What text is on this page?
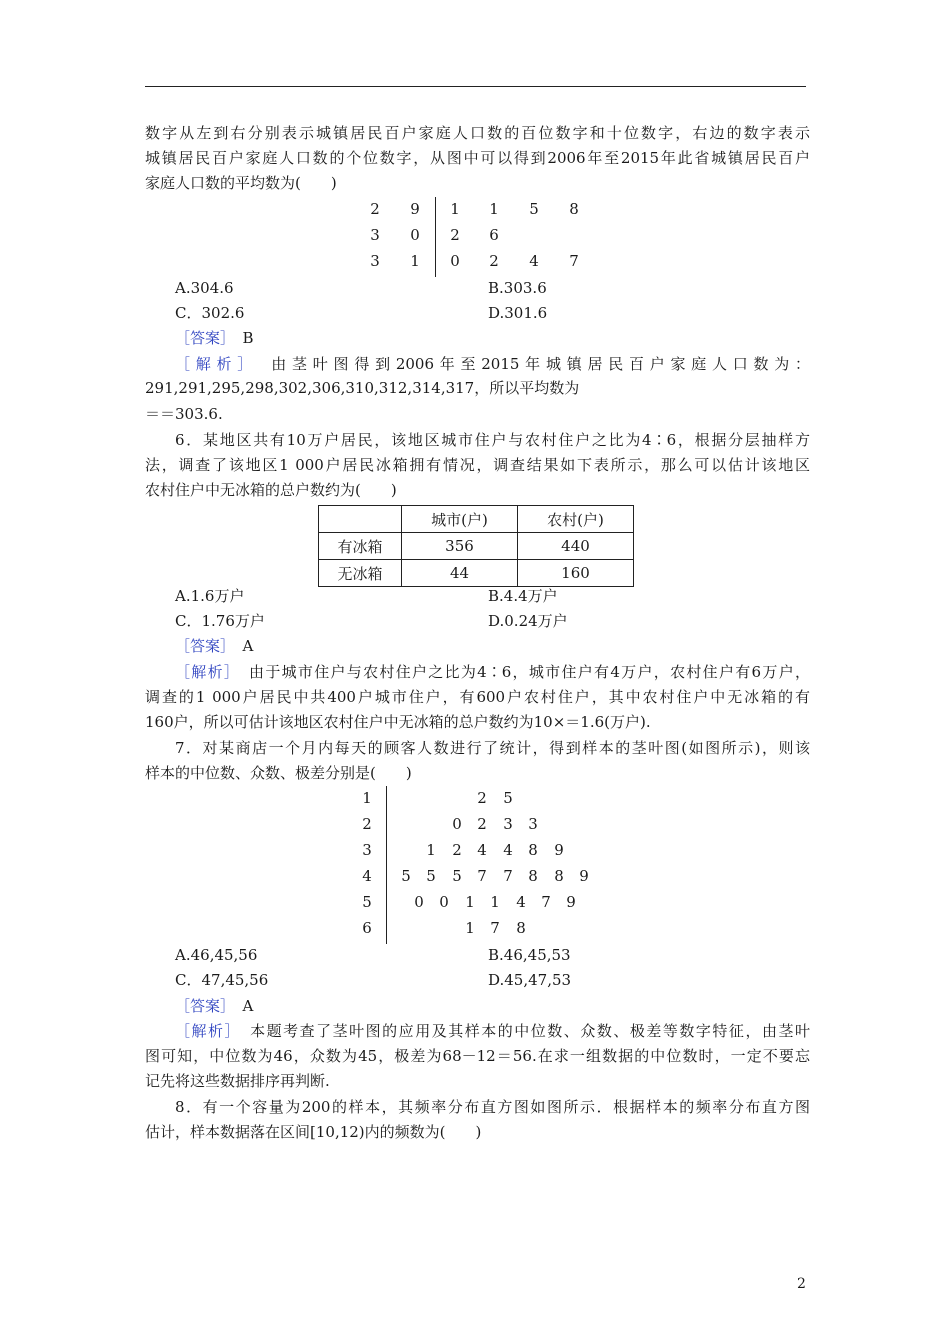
数字从左到右分别表示城镇居民百户家庭人口数的百位数字和十位数字，右边的数字表示
城镇居民百户家庭人口数的个位数字，从图中可以得到2006年至2015年此省城镇居民百户
家庭人口数的平均数为(　　)
2	9	1	1	5	8
3	0	2	6
3	1	0	2	4	7
A.304.6	B.303.6
C．302.6	D.301.6
［答案］　 B
［解析］　 由茎叶图得到2006年至2015年城镇居民百户家庭人口数为：
291,291,295,298,302,306,310,312,314,317，所以平均数为
＝＝303.6.
6．某地区共有10万户居民，该地区城市住户与农村住户之比为4∶6，根据分层抽样方
法，调查了该地区1 000户居民冰箱拥有情况，调查结果如下表所示，那么可以估计该地区
农村住户中无冰箱的总户数约为(　　)
	城市(户)	农村(户)
有冰箱	356	440
无冰箱	44	160
A.1.6万户	B.4.4万户
C．1.76万户	D.0.24万户
［答案］　 A
［解析］　 由于城市住户与农村住户之比为4∶6，城市住户有4万户，农村住户有6万户，
调查的1 000户居民中共400户城市住户，有600户农村住户，其中农村住户中无冰箱的有
160户，所以可估计该地区农村住户中无冰箱的总户数约为10×＝1.6(万户).
7．对某商店一个月内每天的顾客人数进行了统计，得到样本的茎叶图(如图所示)，则该
样本的中位数、众数、极差分别是(　　)
1	2	5
2	0	2	3	3
3	1	2	4	4	8	9
4	5	5	5	7	7	8	8	9
5	0	0	1	1	4	7	9
6	1	7	8
A.46,45,56	B.46,45,53
C．47,45,56	D.45,47,53
［答案］　 A
［解析］　 本题考查了茎叶图的应用及其样本的中位数、众数、极差等数字特征，由茎叶
图可知，中位数为46，众数为45，极差为68－12＝56.在求一组数据的中位数时，一定不要忘
记先将这些数据排序再判断.
8．有一个容量为200的样本，其频率分布直方图如图所示．根据样本的频率分布直方图
估计，样本数据落在区间[10,12)内的频数为(　　)
2
